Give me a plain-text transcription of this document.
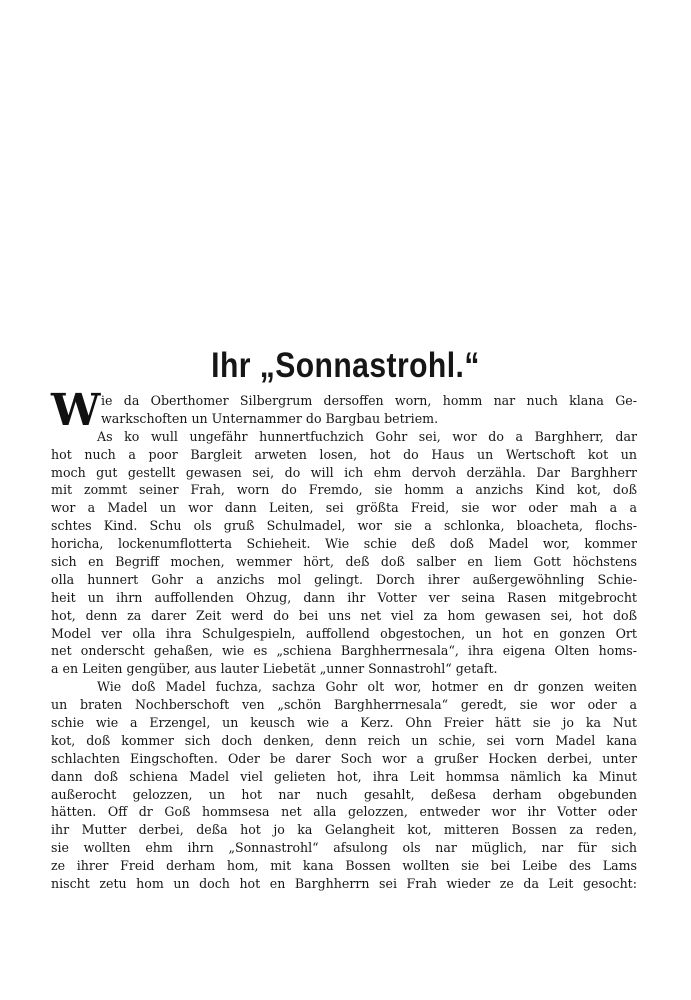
Ihr „Sonnastrohl.“
W ie da Oberthomer Silbergrum dersoffen worn, homm nar nuch klana Ge-
warkschoften un Unternammer do Bargbau betriem.
As ko wull ungefähr hunnertfuchzich Gohr sei, wor do a Barghherr, dar
hot nuch a poor Bargleit arweten losen, hot do Haus un Wertschoft kot un
moch gut gestellt gewasen sei, do will ich ehm dervoh derzähla. Dar Barghherr
mit zommt seiner Frah, worn do Fremdo, sie homm a anzichs Kind kot, doß
wor a Madel un wor dann Leiten, sei größta Freid, sie wor oder mah a a
schtes Kind. Schu ols gruß Schulmadel, wor sie a schlonka, bloacheta, flochs-
horicha, lockenumflotterta Schieheit. Wie schie deß doß Madel wor, kommer
sich en Begriff mochen, wemmer hört, deß doß salber en liem Gott höchstens
olla hunnert Gohr a anzichs mol gelingt. Dorch ihrer außergewöhnling Schie-
heit un ihrn auffollenden Ohzug, dann ihr Votter ver seina Rasen mitgebrocht
hot, denn za darer Zeit werd do bei uns net viel za hom gewasen sei, hot doß
Model ver olla ihra Schulgespieln, auffollend obgestochen, un hot en gonzen Ort
net onderscht gehaßen, wie es „schiena Barghherrnesala“, ihra eigena Olten homs-
a en Leiten gengüber, aus lauter Liebetät „unner Sonnastrohl“ getaft.
Wie doß Madel fuchza, sachza Gohr olt wor, hotmer en dr gonzen weiten
un braten Nochberschoft ven „schön Barghherrnesala“ geredt, sie wor oder a
schie wie a Erzengel, un keusch wie a Kerz. Ohn Freier hätt sie jo ka Nut
kot, doß kommer sich doch denken, denn reich un schie, sei vorn Madel kana
schlachten Eingschoften. Oder be darer Soch wor a grußer Hocken derbei, unter
dann doß schiena Madel viel gelieten hot, ihra Leit hommsa nämlich ka Minut
außerocht gelozzen, un hot nar nuch gesahlt, deßesa derham obgebunden
hätten. Off dr Goß hommsesa net alla gelozzen, entweder wor ihr Votter oder
ihr Mutter derbei, deßa hot jo ka Gelangheit kot, mitteren Bossen za reden,
sie wollten ehm ihrn „Sonnastrohl“ afsulong ols nar müglich, nar für sich
ze ihrer Freid derham hom, mit kana Bossen wollten sie bei Leibe des Lams
nischt zetu hom un doch hot en Barghherrn sei Frah wieder ze da Leit gesocht:
